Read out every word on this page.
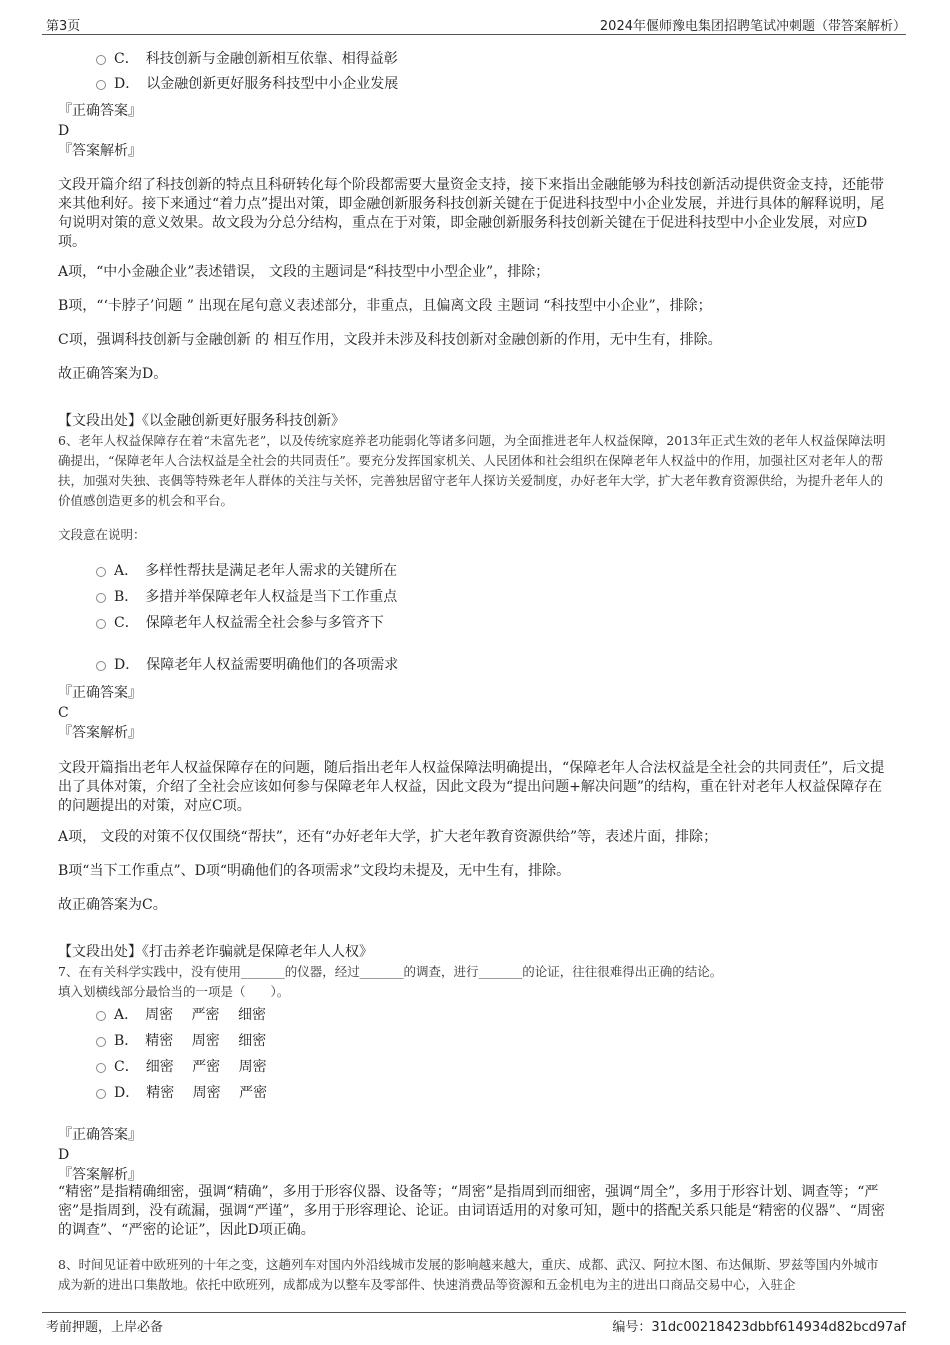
第3页	2024年偃师豫电集团招聘笔试冲刺题（带答案解析）
C．　科技创新与金融创新相互依靠、相得益彰
D．　以金融创新更好服务科技型中小企业发展
『正确答案』
D
『答案解析』

文段开篇介绍了科技创新的特点且科研转化每个阶段都需要大量资金支持，接下来指出金融能够为科技创新活动提供资金支持，还能带来其他利好。接下来通过“着力点”提出对策，即金融创新服务科技创新关键在于促进科技型中小企业发展，并进行具体的解释说明，尾句说明对策的意义效果。故文段为分总分结构，重点在于对策，即金融创新服务科技创新关键在于促进科技型中小企业发展，对应D项。

A项，“中小金融企业”表述错误， 文段的主题词是“科技型中小型企业”，排除；

B项，“‘卡脖子’问题 ” 出现在尾句意义表述部分，非重点，且偏离文段 主题词 “科技型中小企业”，排除；

C项，强调科技创新与金融创新 的 相互作用，文段并未涉及科技创新对金融创新的作用，无中生有，排除。

故正确答案为D。

【文段出处】《以金融创新更好服务科技创新》

6、老年人权益保障存在着“未富先老”，以及传统家庭养老功能弱化等诸多问题，为全面推进老年人权益保障，2013年正式生效的老年人权益保障法明确提出，“保障老年人合法权益是全社会的共同责任”。要充分发挥国家机关、人民团体和社会组织在保障老年人权益中的作用，加强社区对老年人的帮扶，加强对失独、丧偶等特殊老年人群体的关注与关怀，完善独居留守老年人探访关爱制度，办好老年大学，扩大老年教育资源供给，为提升老年人的价值感创造更多的机会和平台。

文段意在说明：

A．　多样性帮扶是满足老年人需求的关键所在
B．　多措并举保障老年人权益是当下工作重点
C．　保障老年人权益需全社会参与多管齐下
D．　保障老年人权益需要明确他们的各项需求
『正确答案』
C
『答案解析』

文段开篇指出老年人权益保障存在的问题，随后指出老年人权益保障法明确提出，“保障老年人合法权益是全社会的共同责任”，后文提出了具体对策，介绍了全社会应该如何参与保障老年人权益，因此文段为“提出问题+解决问题”的结构，重在针对老年人权益保障存在的问题提出的对策，对应C项。

A项， 文段的对策不仅仅围绕“帮扶”，还有“办好老年大学，扩大老年教育资源供给”等，表述片面，排除；

B项“当下工作重点”、D项“明确他们的各项需求”文段均未提及，无中生有，排除。

故正确答案为C。

【文段出处】《打击养老诈骗就是保障老年人人权》

7、在有关科学实践中，没有使用_______的仪器，经过_______的调查，进行_______的论证，往往很难得出正确的结论。

填入划横线部分最恰当的一项是（　　）。

A．　周密　 严密　 细密
B．　精密　 周密　 细密
C．　细密　 严密　 周密
D．　精密　 周密　 严密
『正确答案』
D
『答案解析』

“精密”是指精确细密，强调“精确”，多用于形容仪器、设备等；“周密”是指周到而细密，强调“周全”，多用于形容计划、调查等；“严密”是指周到，没有疏漏，强调“严谨”，多用于形容理论、论证。由词语适用的对象可知，题中的搭配关系只能是“精密的仪器”、“周密的调查”、“严密的论证”，因此D项正确。

8、时间见证着中欧班列的十年之变，这趟列车对国内外沿线城市发展的影响越来越大，重庆、成都、武汉、阿拉木图、布达佩斯、罗兹等国内外城市成为新的进出口集散地。依托中欧班列，成都成为以整车及零部件、快速消费品等资源和五金机电为主的进出口商品交易中心，入驻企

考前押题，上岸必备	编号：31dc00218423dbbf614934d82bcd97af
